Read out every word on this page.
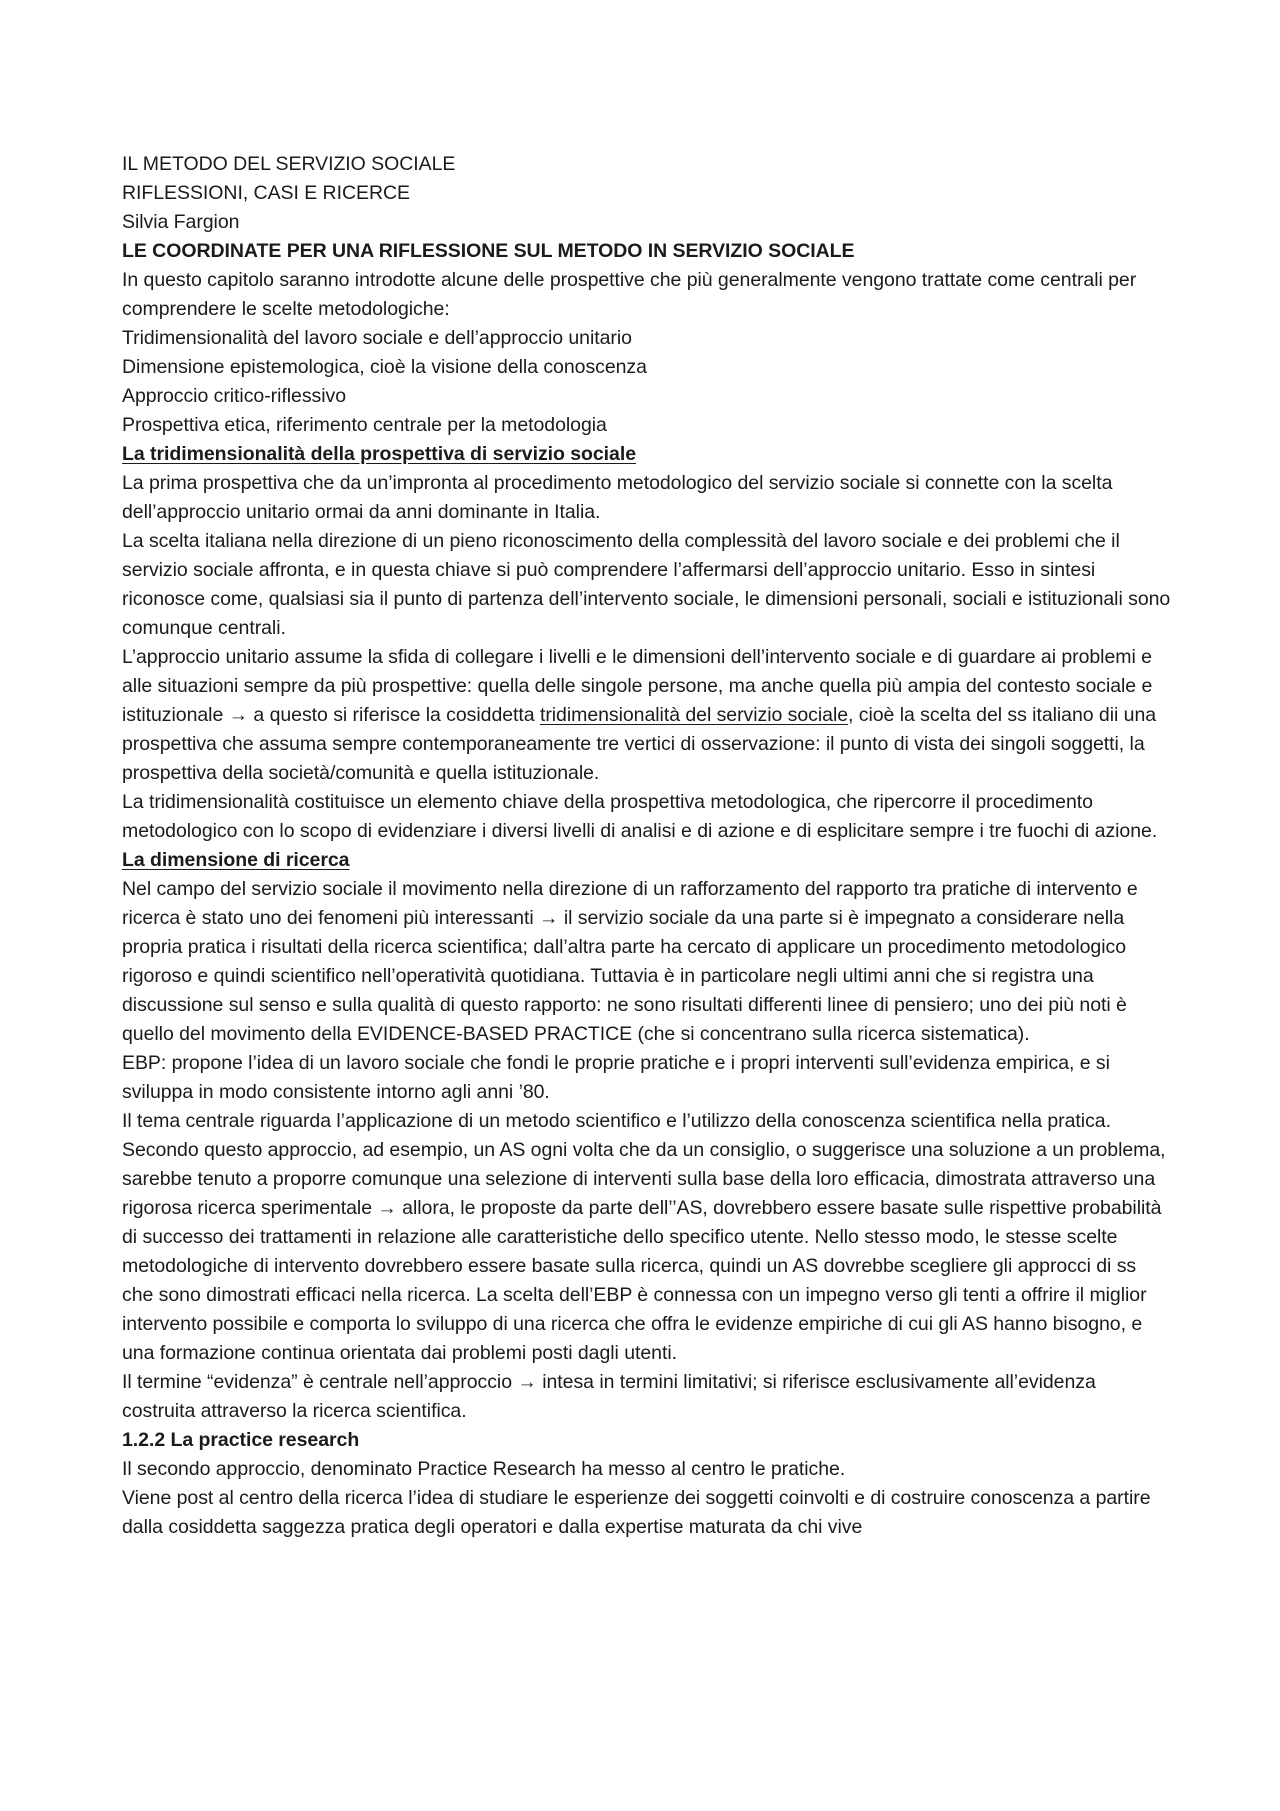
IL METODO DEL SERVIZIO SOCIALE

RIFLESSIONI, CASI E RICERCE

Silvia Fargion

LE COORDINATE PER UNA RIFLESSIONE SUL METODO IN SERVIZIO SOCIALE

In questo capitolo saranno introdotte alcune delle prospettive che più generalmente vengono trattate come centrali per comprendere le scelte metodologiche:

Tridimensionalità del lavoro sociale e dell’approccio unitario

Dimensione epistemologica, cioè la visione della conoscenza

Approccio critico-riflessivo

Prospettiva etica, riferimento centrale per la metodologia

La tridimensionalità della prospettiva di servizio sociale

La prima prospettiva che da un’impronta al procedimento metodologico del servizio sociale si connette con la scelta dell’approccio unitario ormai da anni dominante in Italia.

La scelta italiana nella direzione di un pieno riconoscimento della complessità del lavoro sociale e dei problemi che il servizio sociale affronta, e in questa chiave si può comprendere l’affermarsi dell’approccio unitario. Esso in sintesi riconosce come, qualsiasi sia il punto di partenza dell’intervento sociale, le dimensioni personali, sociali e istituzionali sono comunque centrali.

L’approccio unitario assume la sfida di collegare i livelli e le dimensioni dell’intervento sociale e di guardare ai problemi e alle situazioni sempre da più prospettive: quella delle singole persone, ma anche quella più ampia del contesto sociale e istituzionale → a questo si riferisce la cosiddetta tridimensionalità del servizio sociale, cioè la scelta del ss italiano dii una prospettiva che assuma sempre contemporaneamente tre vertici di osservazione: il punto di vista dei singoli soggetti, la prospettiva della società/comunità e quella istituzionale.

La tridimensionalità costituisce un elemento chiave della prospettiva metodologica, che ripercorre il procedimento metodologico con lo scopo di evidenziare i diversi livelli di analisi e di azione e di esplicitare sempre i tre fuochi di azione.

La dimensione di ricerca

Nel campo del servizio sociale il movimento nella direzione di un rafforzamento del rapporto tra pratiche di intervento e ricerca è stato uno dei fenomeni più interessanti → il servizio sociale da una parte si è impegnato a considerare nella propria pratica i risultati della ricerca scientifica; dall’altra parte ha cercato di applicare un procedimento metodologico rigoroso e quindi scientifico nell’operatività quotidiana. Tuttavia è in particolare negli ultimi anni che si registra una discussione sul senso e sulla qualità di questo rapporto: ne sono risultati differenti linee di pensiero; uno dei più noti è quello del movimento della EVIDENCE-BASED PRACTICE (che si concentrano sulla ricerca sistematica).

EBP: propone l’idea di un lavoro sociale che fondi le proprie pratiche e i propri interventi sull’evidenza empirica, e si sviluppa in modo consistente intorno agli anni ’80.

Il tema centrale riguarda l’applicazione di un metodo scientifico e l’utilizzo della conoscenza scientifica nella pratica. Secondo questo approccio, ad esempio, un AS ogni volta che da un consiglio, o suggerisce una soluzione a un problema, sarebbe tenuto a proporre comunque una selezione di interventi sulla base della loro efficacia, dimostrata attraverso una rigorosa ricerca sperimentale → allora, le proposte da parte dell’’AS, dovrebbero essere basate sulle rispettive probabilità di successo dei trattamenti in relazione alle caratteristiche dello specifico utente. Nello stesso modo, le stesse scelte metodologiche di intervento dovrebbero essere basate sulla ricerca, quindi un AS dovrebbe scegliere gli approcci di ss che sono dimostrati efficaci nella ricerca. La scelta dell’EBP è connessa con un impegno verso gli tenti a offrire il miglior intervento possibile e comporta lo sviluppo di una ricerca che offra le evidenze empiriche di cui gli AS hanno bisogno, e una formazione continua orientata dai problemi posti dagli utenti.

Il termine “evidenza” è centrale nell’approccio → intesa in termini limitativi; si riferisce esclusivamente all’evidenza costruita attraverso la ricerca scientifica.

1.2.2 La practice research

Il secondo approccio, denominato Practice Research ha messo al centro le pratiche.

Viene post al centro della ricerca l’idea di studiare le esperienze dei soggetti coinvolti e di costruire conoscenza a partire dalla cosiddetta saggezza pratica degli operatori e dalla expertise maturata da chi vive
